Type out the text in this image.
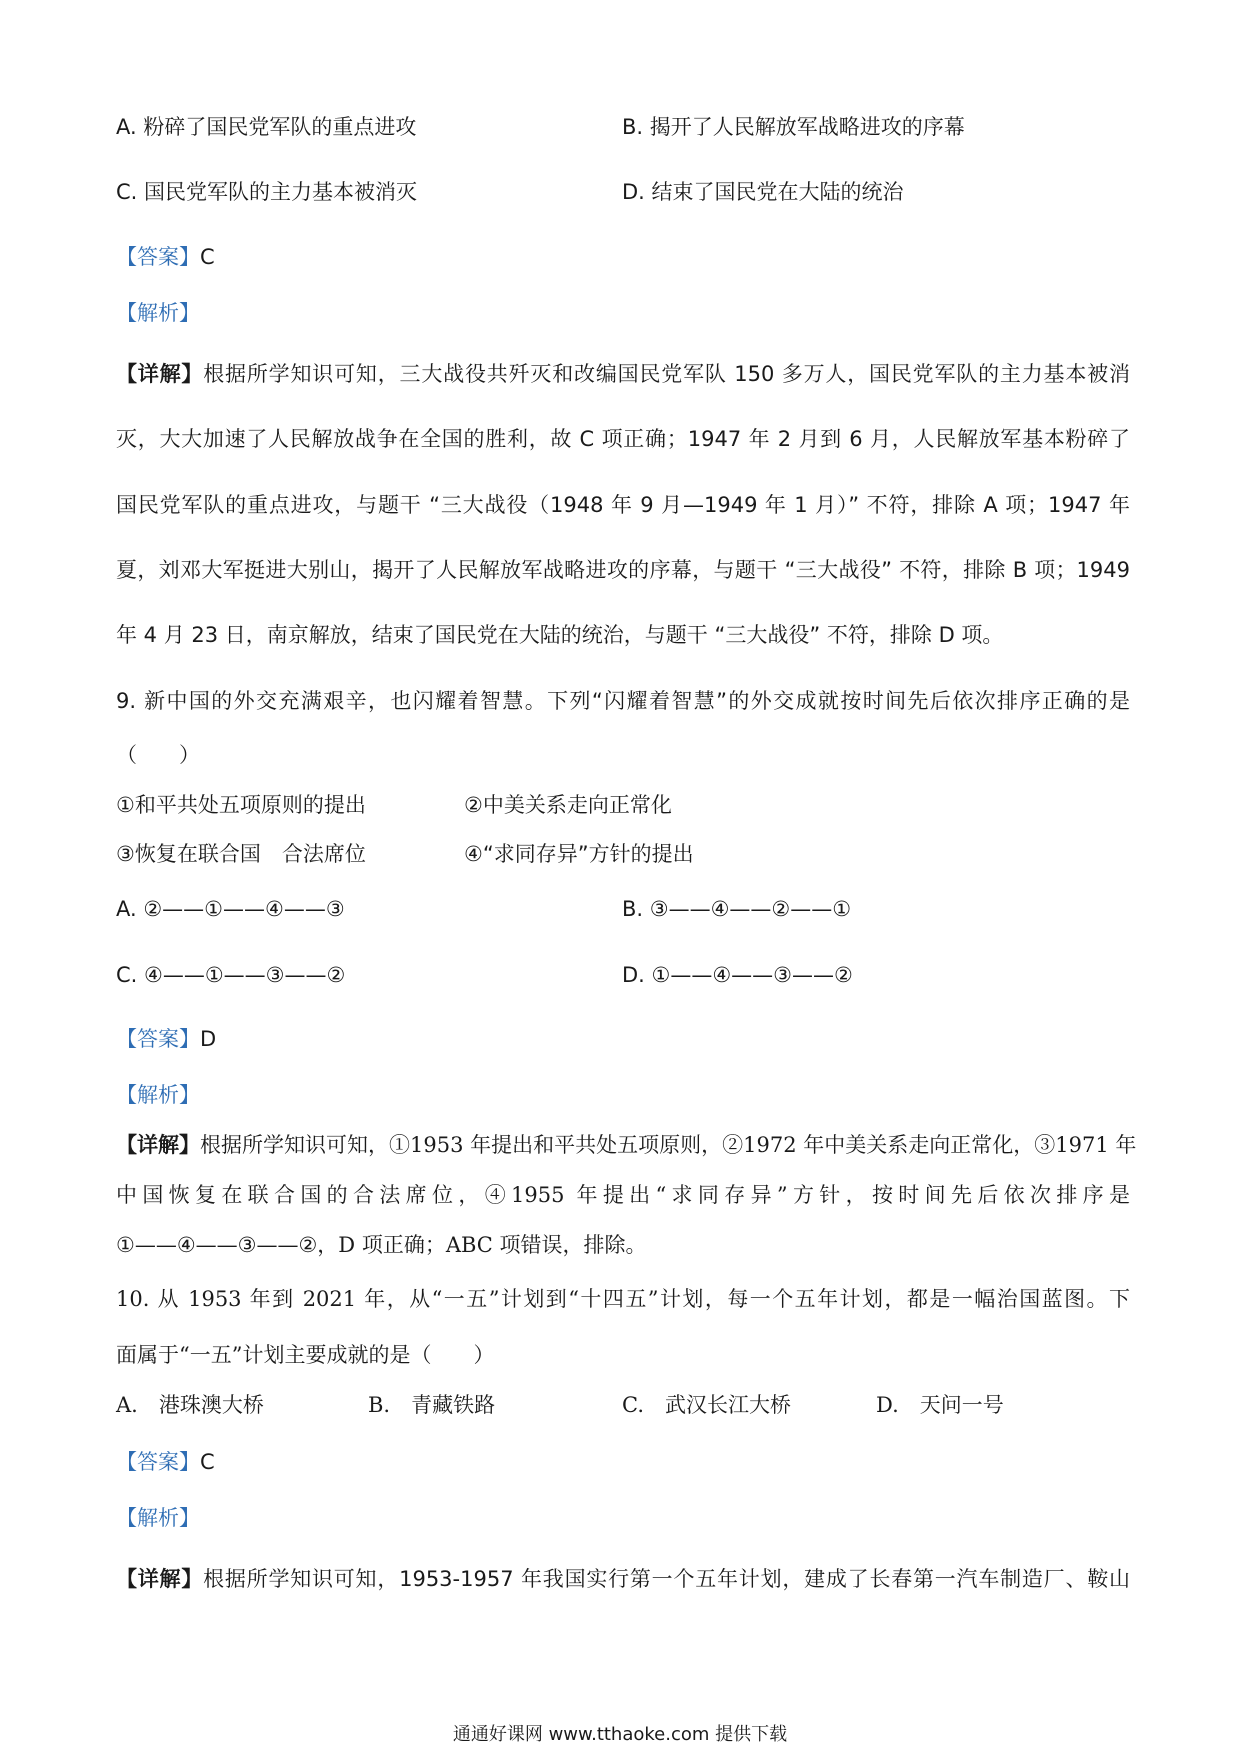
A. 粉碎了国民党军队的重点进攻	B. 揭开了人民解放军战略进攻的序幕
C. 国民党军队的主力基本被消灭	D. 结束了国民党在大陆的统治
【答案】C
【解析】
【详解】根据所学知识可知，三大战役共歼灭和改编国民党军队 150 多万人，国民党军队的主力基本被消
灭，大大加速了人民解放战争在全国的胜利，故 C 项正确；1947 年 2 月到 6 月，人民解放军基本粉碎了
国民党军队的重点进攻，与题干 “三大战役（1948 年 9 月—1949 年 1 月）” 不符，排除 A 项；1947 年
夏，刘邓大军挺进大别山，揭开了人民解放军战略进攻的序幕，与题干 “三大战役” 不符，排除 B 项；1949
年 4 月 23 日，南京解放，结束了国民党在大陆的统治，与题干 “三大战役” 不符，排除 D 项。
9. 新中国的外交充满艰辛，也闪耀着智慧。下列“闪耀着智慧”的外交成就按时间先后依次排序正确的是
（　　）
①和平共处五项原则的提出	②中美关系走向正常化
③恢复在联合国　合法席位	④“求同存异”方针的提出
A. ②——①——④——③	B. ③——④——②——①
C. ④——①——③——②	D. ①——④——③——②
【答案】D
【解析】
【详解】根据所学知识可知，①1953 年提出和平共处五项原则，②1972 年中美关系走向正常化，③1971 年
中国恢复在联合国的合法席位，④1955 年提出“求同存异”方针，按时间先后依次排序是
①——④——③——②，D 项正确；ABC 项错误，排除。
10. 从 1953 年到 2021 年，从“一五”计划到“十四五”计划，每一个五年计划，都是一幅治国蓝图。下
面属于“一五”计划主要成就的是（　　）
A.　港珠澳大桥	B.　青藏铁路	C.　武汉长江大桥	D.　天问一号
【答案】C
【解析】
【详解】根据所学知识可知，1953-1957 年我国实行第一个五年计划，建成了长春第一汽车制造厂、鞍山
通通好课网 www.tthaoke.com 提供下载
